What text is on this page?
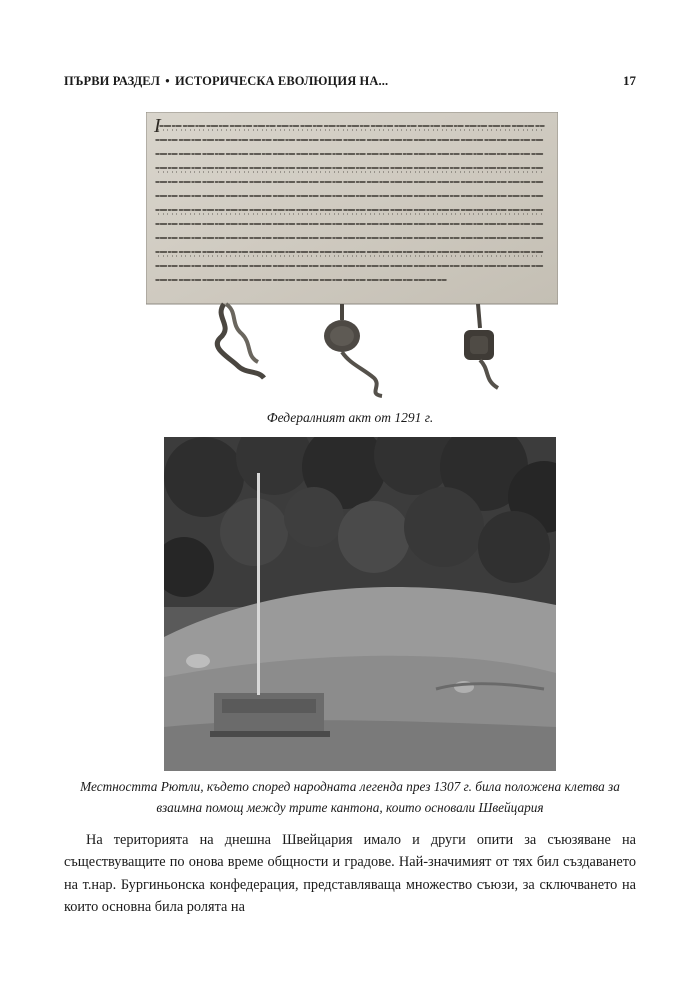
ПЪРВИ РАЗДЕЛ • ИСТОРИЧЕСКА ЕВОЛЮЦИЯ НА...	17
I
Федералният акт от 1291 г.
Местността Рютли, където според народната легенда през 1307 г. била положена клетва за взаимна помощ между трите кантона, които основали Швейцария

На територията на днешна Швейцария имало и други опити за съюзяване на съществуващите по онова време общности и градове. Най-значимият от тях бил създаването на т.нар. Бургиньонска конфедерация, представляваща множество съюзи, за сключването на които основна била ролята на
